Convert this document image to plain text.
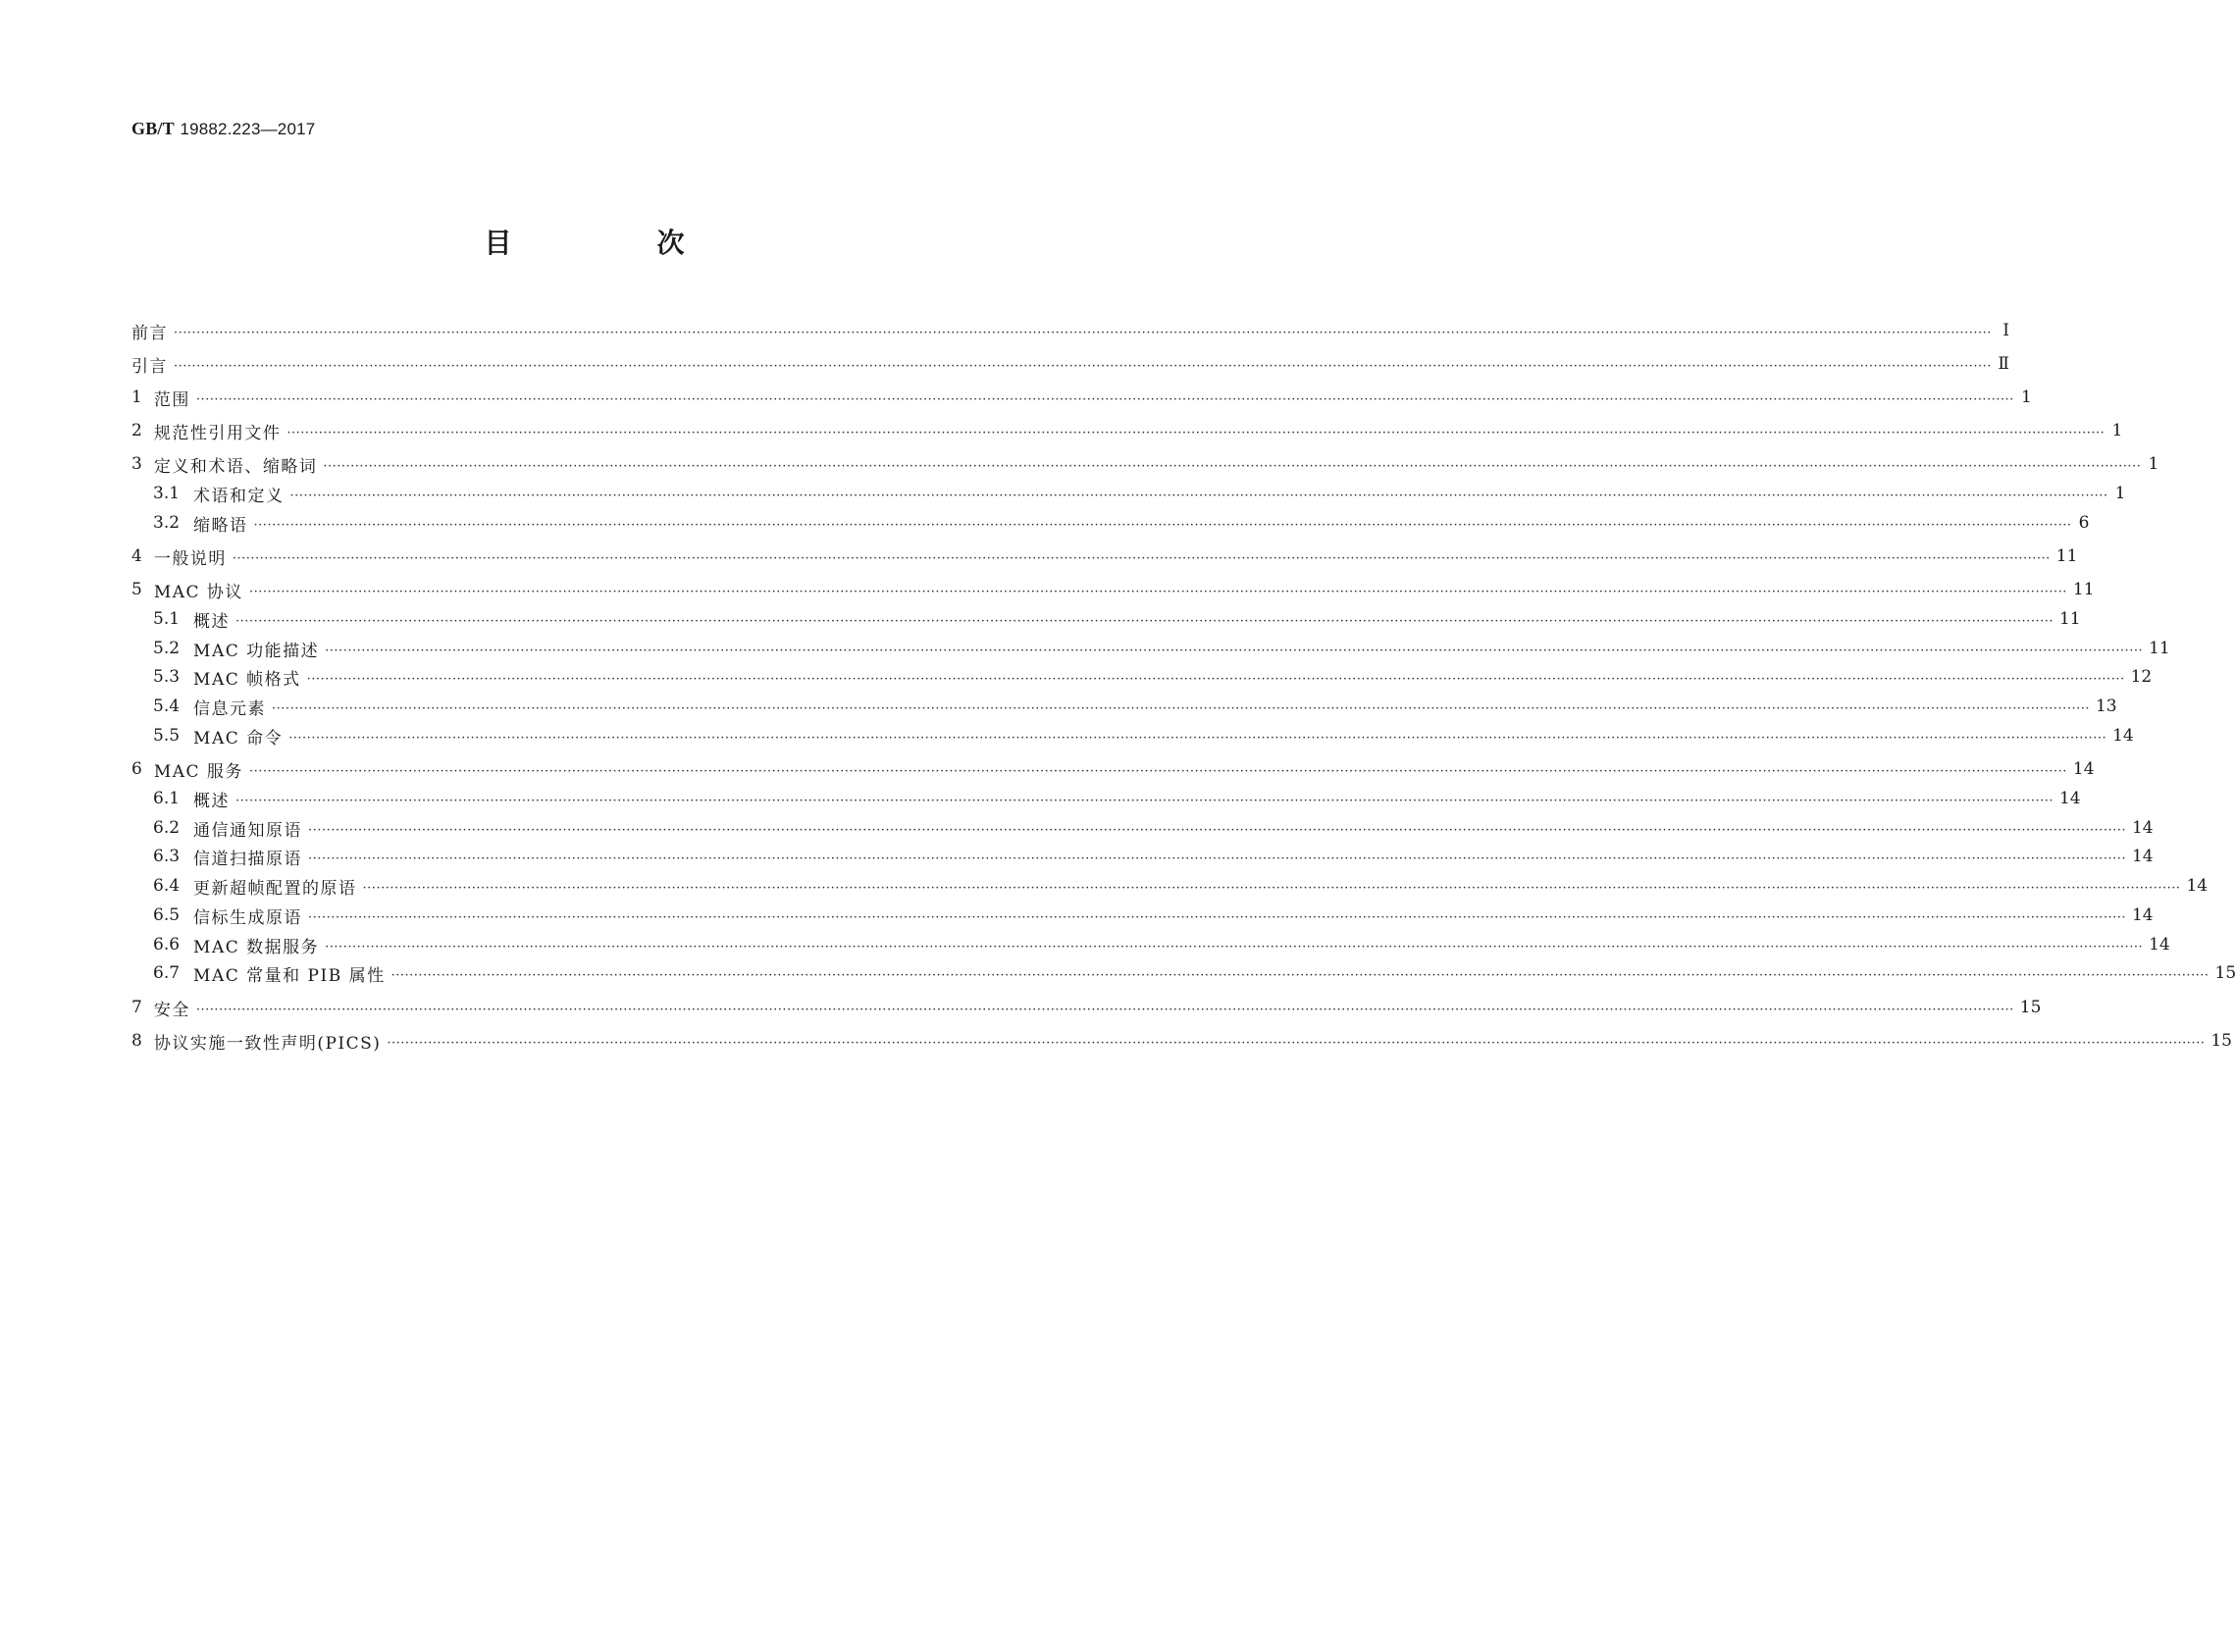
GB/T 19882.223—2017
目　次
前言 ················································································································································································································································································································································································································ Ⅰ
引言 ················································································································································································································································································································································································································ Ⅱ
1 范围 ················································································································································································································································································································································································································ 1
2 规范性引用文件 ················································································································································································································································································································································································································ 1
3 定义和术语、缩略词 ················································································································································································································································································································································································································ 1
3.1 术语和定义 ················································································································································································································································································································································································································ 1
3.2 缩略语 ················································································································································································································································································································································································································ 6
4 一般说明 ················································································································································································································································································································································································································ 11
5 MAC 协议 ················································································································································································································································································································································································································ 11
5.1 概述 ················································································································································································································································································································································································································ 11
5.2 MAC 功能描述 ················································································································································································································································································································································································································ 11
5.3 MAC 帧格式 ················································································································································································································································································································································································································ 12
5.4 信息元素 ················································································································································································································································································································································································································ 13
5.5 MAC 命令 ················································································································································································································································································································································································································ 14
6 MAC 服务 ················································································································································································································································································································································································································ 14
6.1 概述 ················································································································································································································································································································································································································ 14
6.2 通信通知原语 ················································································································································································································································································································································································································ 14
6.3 信道扫描原语 ················································································································································································································································································································································································································ 14
6.4 更新超帧配置的原语 ················································································································································································································································································································································································································ 14
6.5 信标生成原语 ················································································································································································································································································································································································································ 14
6.6 MAC 数据服务 ················································································································································································································································································································································································································ 14
6.7 MAC 常量和 PIB 属性 ················································································································································································································································································································································································································ 15
7 安全 ················································································································································································································································································································································································································ 15
8 协议实施一致性声明(PICS) ················································································································································································································································································································································································································ 15
